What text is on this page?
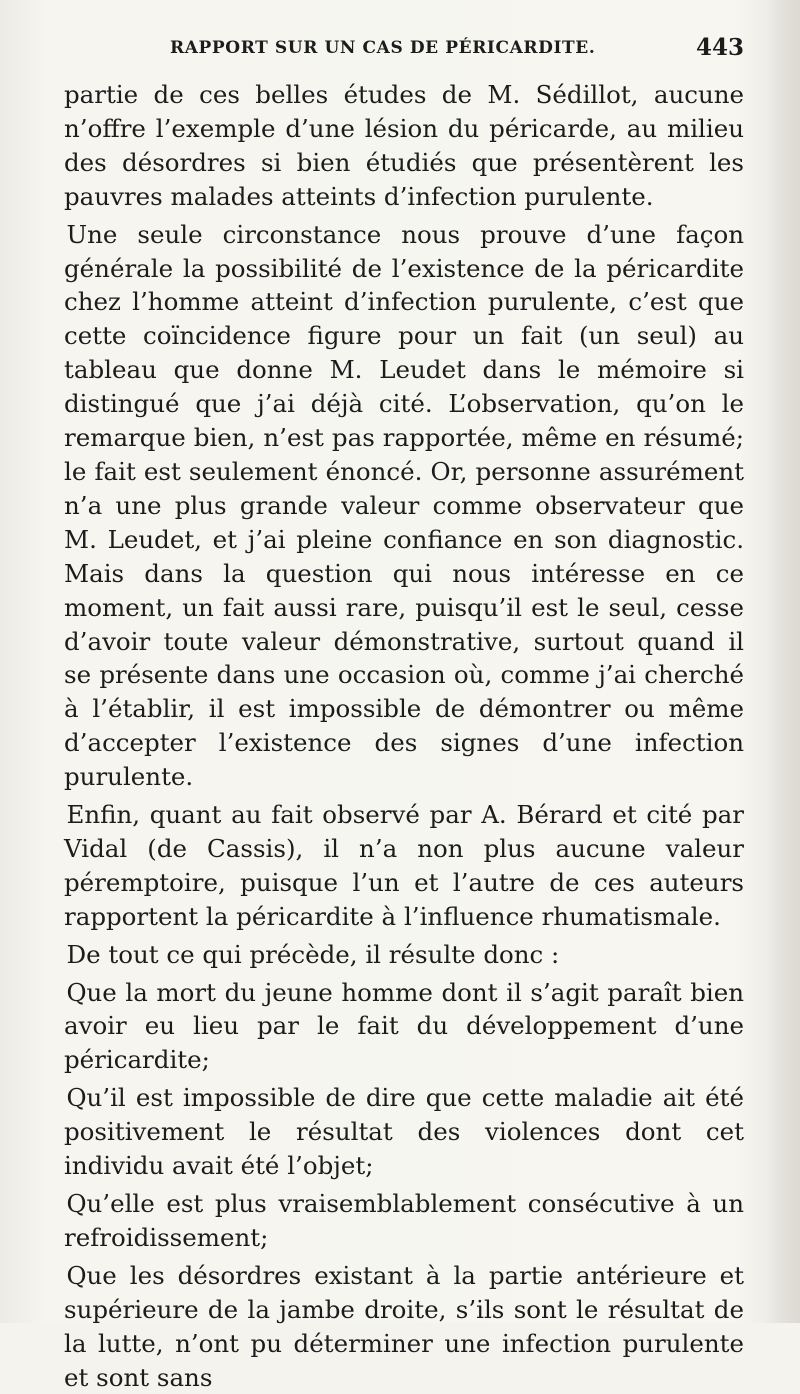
RAPPORT SUR UN CAS DE PÉRICARDITE.	443

partie de ces belles études de M. Sédillot, aucune n’offre l’exemple d’une lésion du péricarde, au milieu des désordres si bien étudiés que présentèrent les pauvres malades atteints d’infection purulente.

Une seule circonstance nous prouve d’une façon générale la possibilité de l’existence de la péricardite chez l’homme atteint d’infection purulente, c’est que cette coïncidence figure pour un fait (un seul) au tableau que donne M. Leudet dans le mémoire si distingué que j’ai déjà cité. L’observation, qu’on le remarque bien, n’est pas rapportée, même en résumé; le fait est seulement énoncé. Or, personne assurément n’a une plus grande valeur comme observateur que M. Leudet, et j’ai pleine confiance en son diagnostic. Mais dans la question qui nous intéresse en ce moment, un fait aussi rare, puisqu’il est le seul, cesse d’avoir toute valeur démonstrative, surtout quand il se présente dans une occasion où, comme j’ai cherché à l’établir, il est impossible de démontrer ou même d’accepter l’existence des signes d’une infection purulente.

Enfin, quant au fait observé par A. Bérard et cité par Vidal (de Cassis), il n’a non plus aucune valeur péremptoire, puisque l’un et l’autre de ces auteurs rapportent la péricardite à l’influence rhumatismale.

De tout ce qui précède, il résulte donc :

Que la mort du jeune homme dont il s’agit paraît bien avoir eu lieu par le fait du développement d’une péricardite;

Qu’il est impossible de dire que cette maladie ait été positivement le résultat des violences dont cet individu avait été l’objet;

Qu’elle est plus vraisemblablement consécutive à un refroidissement;

Que les désordres existant à la partie antérieure et supérieure de la jambe droite, s’ils sont le résultat de la lutte, n’ont pu déterminer une infection purulente et sont sans
